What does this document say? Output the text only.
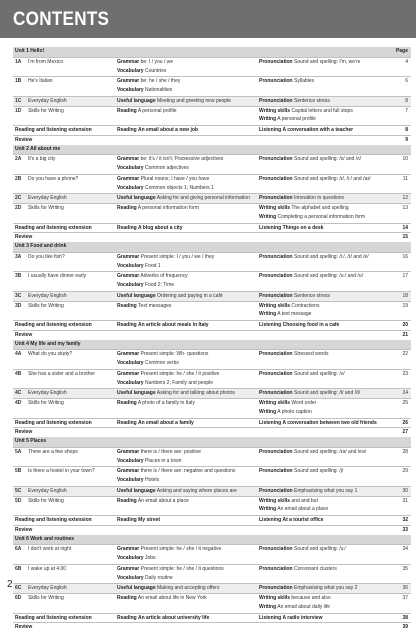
CONTENTS
Unit 1 Hello!	Page
1A	I'm from Mexico	Grammar be: I / you / we	Pronunciation Sound and spelling: I'm, we're	4
Vocabulary Countries
1B	He's Italian	Grammar be: he / she / they	Pronunciation Syllables	6
Vocabulary Nationalities
1C	Everyday English	Useful language Meeting and greeting new people	Pronunciation Sentence stress	8
1D	Skills for Writing	Reading A personal profile	Writing skills Capital letters and full stops	7
Writing A personal profile
Reading and listening extension	Reading An email about a new job	Listening A conversation with a teacher	8
Review	9
Unit 2 All about me
2A	It's a big city	Grammar be: it's / it isn't; Possessive adjectives	Pronunciation Sound and spelling: /s/ and /ʌ/	10
Vocabulary Common adjectives
2B	Do you have a phone?	Grammar Plural nouns; I have / you have	Pronunciation Sound and spelling: /ɪ/, /iː/ and /aɪ/	11
Vocabulary Common objects 1; Numbers 1
2C	Everyday English	Useful language Asking for and giving personal information	Pronunciation Intonation in questions	12
2D	Skills for Writing	Reading A personal information form	Writing skills The alphabet and spelling	13
Writing Completing a personal information form
Reading and listening extension	Reading A blog about a city	Listening Things on a desk	14
Review	15
Unit 3 Food and drink
3A	Do you like fish?	Grammar Present simple: I / you / we / they	Pronunciation Sound and spelling: /iː/, /ɪ/ and /e/	16
Vocabulary Food 1
3B	I usually have dinner early	Grammar Adverbs of frequency	Pronunciation Sound and spelling: /uː/ and /ʊ/	17
Vocabulary Food 2; Time
3C	Everyday English	Useful language Ordering and paying in a café	Pronunciation Sentence stress	18
3D	Skills for Writing	Reading Text messages	Writing skills Contractions	19
Writing A text message
Reading and listening extension	Reading An article about meals in Italy	Listening Choosing food in a cafe	20
Review	21
Unit 4 My life and my family
4A	What do you study?	Grammar Present simple: Wh- questions	Pronunciation Stressed words	22
Vocabulary Common verbs
4B	She has a sister and a brother	Grammar Present simple: he / she / it positive	Pronunciation Sound and spelling: /ʌ/	23
Vocabulary Numbers 2; Family and people
4C	Everyday English	Useful language Asking for and talking about photos	Pronunciation Sound and spelling: /t/ and /ð/	24
4D	Skills for Writing	Reading A photo of a family in Italy	Writing skills Word order	25
Writing A photo caption
Reading and listening extension	Reading An email about a family	Listening A conversation between two old friends	26
Review	27
Unit 5 Places
5A	There are a few shops	Grammar there is / there are: positive	Pronunciation Sound and spelling: /ɪə/ and /eə/	28
Vocabulary Places in a town
5B	Is there a hostel in your town?	Grammar there is / there are: negative and questions	Pronunciation Sound and spelling: /j/	29
Vocabulary Hotels
5C	Everyday English	Useful language Asking and saying where places are	Pronunciation Emphasising what you say 1	30
5D	Skills for Writing	Reading An email about a place	Writing skills and and but	31
Writing An email about a place
Reading and listening extension	Reading My street	Listening At a tourist office	32
Review	33
Unit 6 Work and routines
6A	I don't work at night	Grammar Present simple: he / she / it negative	Pronunciation Sound and spelling: /ɜː/	34
Vocabulary Jobs
6B	I wake up at 4.00	Grammar Present simple: he / she / it questions	Pronunciation Consonant clusters	35
Vocabulary Daily routine
6C	Everyday English	Useful language Making and accepting offers	Pronunciation Emphasising what you say 2	36
6D	Skills for Writing	Reading An email about life in New York	Writing skills because and also	37
Writing An email about daily life
Reading and listening extension	Reading An article about university life	Listening A radio interview	38
Review	39
2
